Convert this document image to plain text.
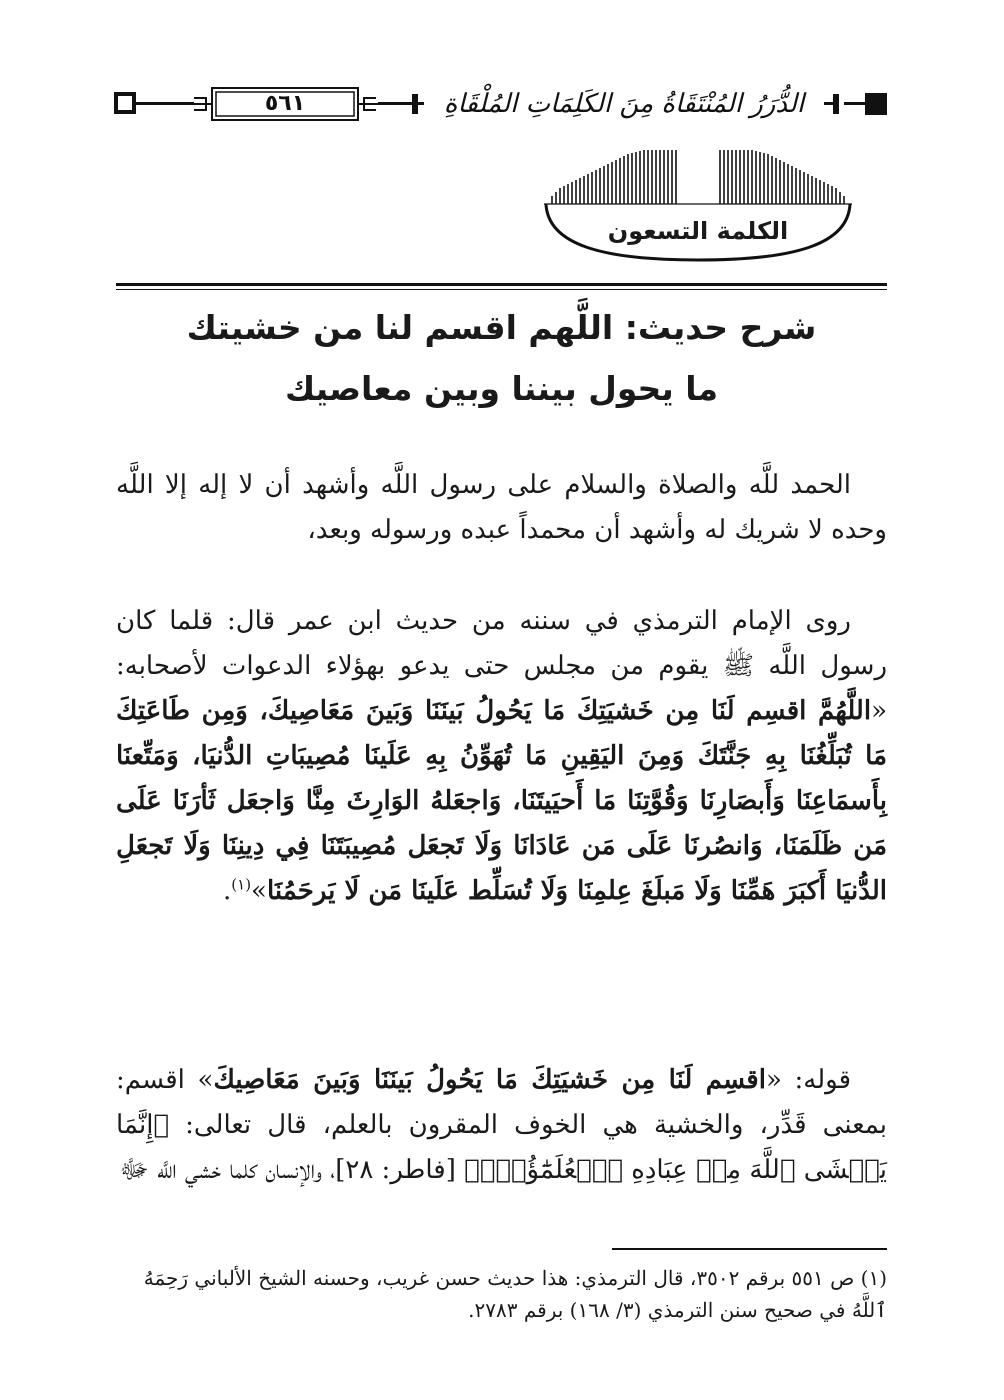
٥٦١	الدُّرَرُ المُنْتَقَاةُ مِنَ الكَلِمَاتِ المُلْقَاةِ
الكلمة التسعون
شرح حديث: اللَّهم اقسم لنا من خشيتك
ما يحول بيننا وبين معاصيك

الحمد للَّه والصلاة والسلام على رسول اللَّه وأشهد أن لا إله إلا اللَّه وحده لا شريك له وأشهد أن محمداً عبده ورسوله وبعد،

روى الإمام الترمذي في سننه من حديث ابن عمر قال: قلما كان رسول اللَّه ﷺ يقوم من مجلس حتى يدعو بهؤلاء الدعوات لأصحابه: «اللَّهُمَّ اقسِم لَنَا مِن خَشيَتِكَ مَا يَحُولُ بَينَنَا وَبَينَ مَعَاصِيكَ، وَمِن طَاعَتِكَ مَا تُبَلِّغُنَا بِهِ جَنَّتَكَ وَمِنَ اليَقِينِ مَا تُهَوِّنُ بِهِ عَلَينَا مُصِيبَاتِ الدُّنيَا، وَمَتِّعنَا بِأَسمَاعِنَا وَأَبصَارِنَا وَقُوَّتِنَا مَا أَحيَيتَنَا، وَاجعَلهُ الوَارِثَ مِنَّا وَاجعَل ثَأرَنَا عَلَى مَن ظَلَمَنَا، وَانصُرنَا عَلَى مَن عَادَانَا وَلَا تَجعَل مُصِيبَتَنَا فِي دِينِنَا وَلَا تَجعَلِ الدُّنيَا أَكبَرَ هَمِّنَا وَلَا مَبلَغَ عِلمِنَا وَلَا تُسَلِّط عَلَينَا مَن لَا يَرحَمُنَا»$^{(١)}$.

قوله: «اقسِم لَنَا مِن خَشيَتِكَ مَا يَحُولُ بَينَنَا وَبَينَ مَعَاصِيكَ» اقسم: بمعنى قَدِّر، والخشية هي الخوف المقرون بالعلم، قال تعالى: ﴿إِنَّمَا يَخۡشَى ٱللَّهَ مِنۡ عِبَادِهِ ٱلۡعُلَمَٰٓؤُاْۗ﴾ [فاطر: ٢٨]، والإنسان كلما خشي اللَّه ﷻ

(١) ص ٥٥١ برقم ٣٥٠٢، قال الترمذي: هذا حديث حسن غريب، وحسنه الشيخ الألباني رَحِمَهُ ٱللَّهُ في صحيح سنن الترمذي (٣/ ١٦٨) برقم ٢٧٨٣.
